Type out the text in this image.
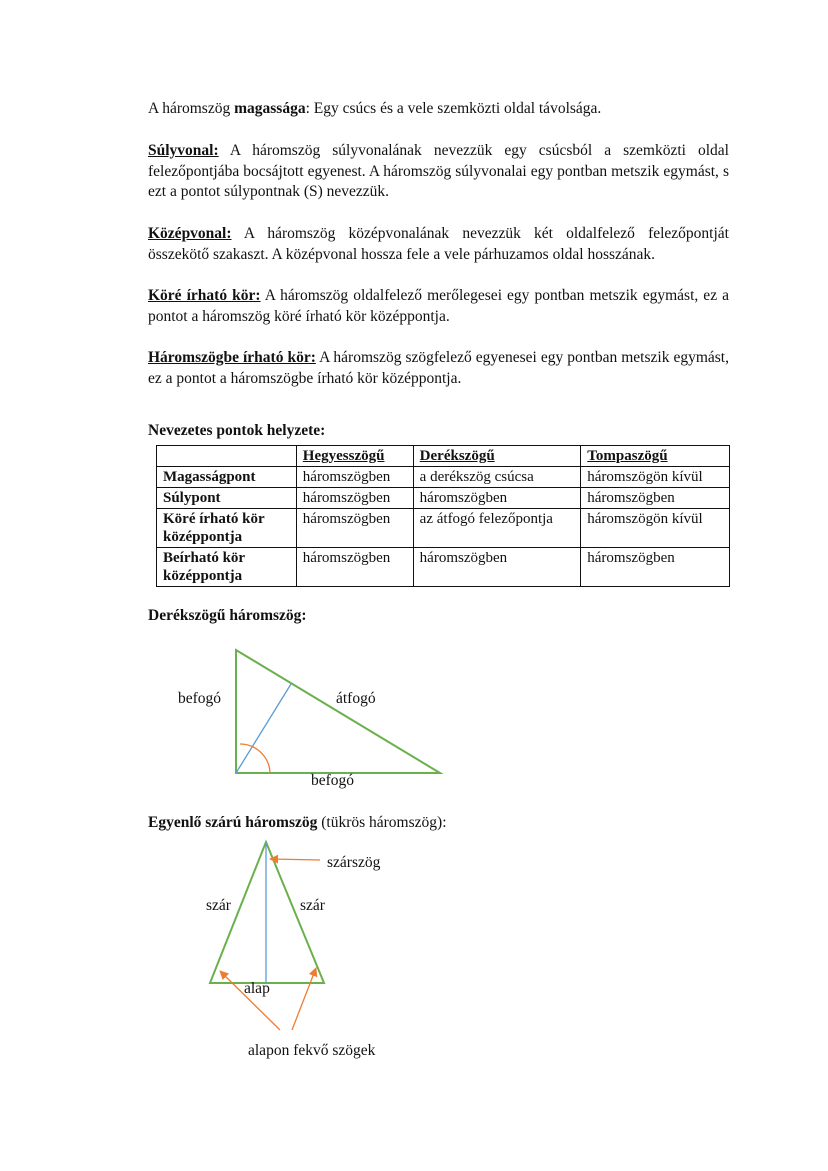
A háromszög magassága: Egy csúcs és a vele szemközti oldal távolsága.

Súlyvonal: A háromszög súlyvonalának nevezzük egy csúcsból a szemközti oldal felezőpontjába bocsájtott egyenest. A háromszög súlyvonalai egy pontban metszik egymást, s ezt a pontot súlypontnak (S) nevezzük.

Középvonal: A háromszög középvonalának nevezzük két oldalfelező felezőpontját összekötő szakaszt. A középvonal hossza fele a vele párhuzamos oldal hosszának.

Köré írható kör: A háromszög oldalfelező merőlegesei egy pontban metszik egymást, ez a pontot a háromszög köré írható kör középpontja.

Háromszögbe írható kör: A háromszög szögfelező egyenesei egy pontban metszik egymást, ez a pontot a háromszögbe írható kör középpontja.

Nevezetes pontok helyzete:

	Hegyesszögű	Derékszögű	Tompaszögű
Magasságpont	háromszögben	a derékszög csúcsa	háromszögön kívül
Súlypont	háromszögben	háromszögben	háromszögben
Köré írható kör középpontja	háromszögben	az átfogó felezőpontja	háromszögön kívül
Beírható kör középpontja	háromszögben	háromszögben	háromszögben

Derékszögű háromszög:

Egyenlő szárú háromszög (tükrös háromszög):

befogó	átfogó
befogó
szárszög
szár	szár
alap
alapon fekvő szögek
